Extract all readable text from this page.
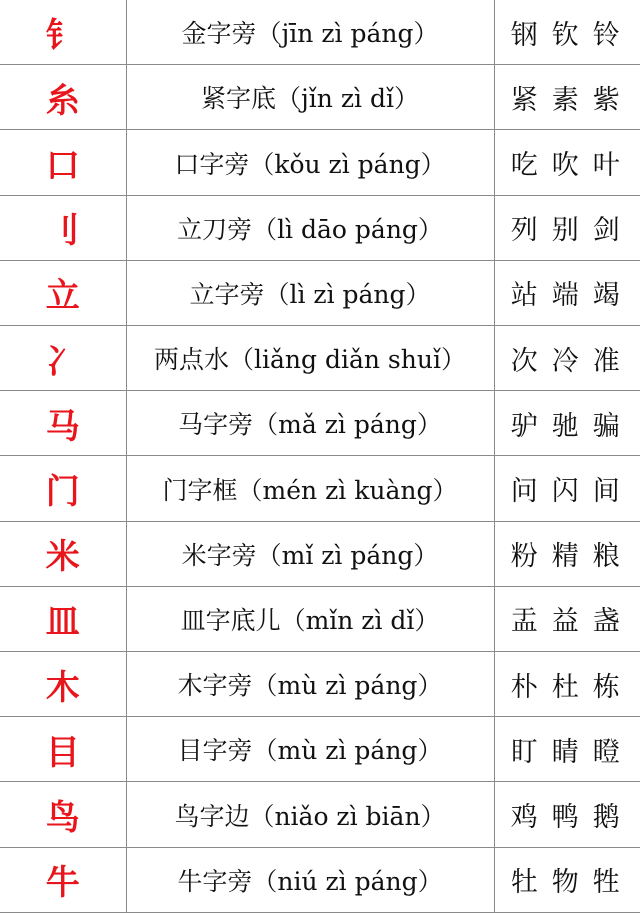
钅	金字旁（jīn zì páng）	钢钦铃
糸	紧字底（jǐn zì dǐ）	紧素紫
口	口字旁（kǒu zì páng）	吃吹叶
刂	立刀旁（lì dāo páng）	列别剑
立	立字旁（lì zì páng）	站端竭
冫	两点水（liǎng diǎn shuǐ）	次冷准
马	马字旁（mǎ zì páng）	驴驰骗
门	门字框（mén zì kuàng）	问闪间
米	米字旁（mǐ zì páng）	粉精粮
皿	皿字底儿（mǐn zì dǐ）	盂益盏
木	木字旁（mù zì páng）	朴杜栋
目	目字旁（mù zì páng）	盯睛瞪
鸟	鸟字边（niǎo zì biān）	鸡鸭鹅
牛	牛字旁（niú zì páng）	牡物牲
